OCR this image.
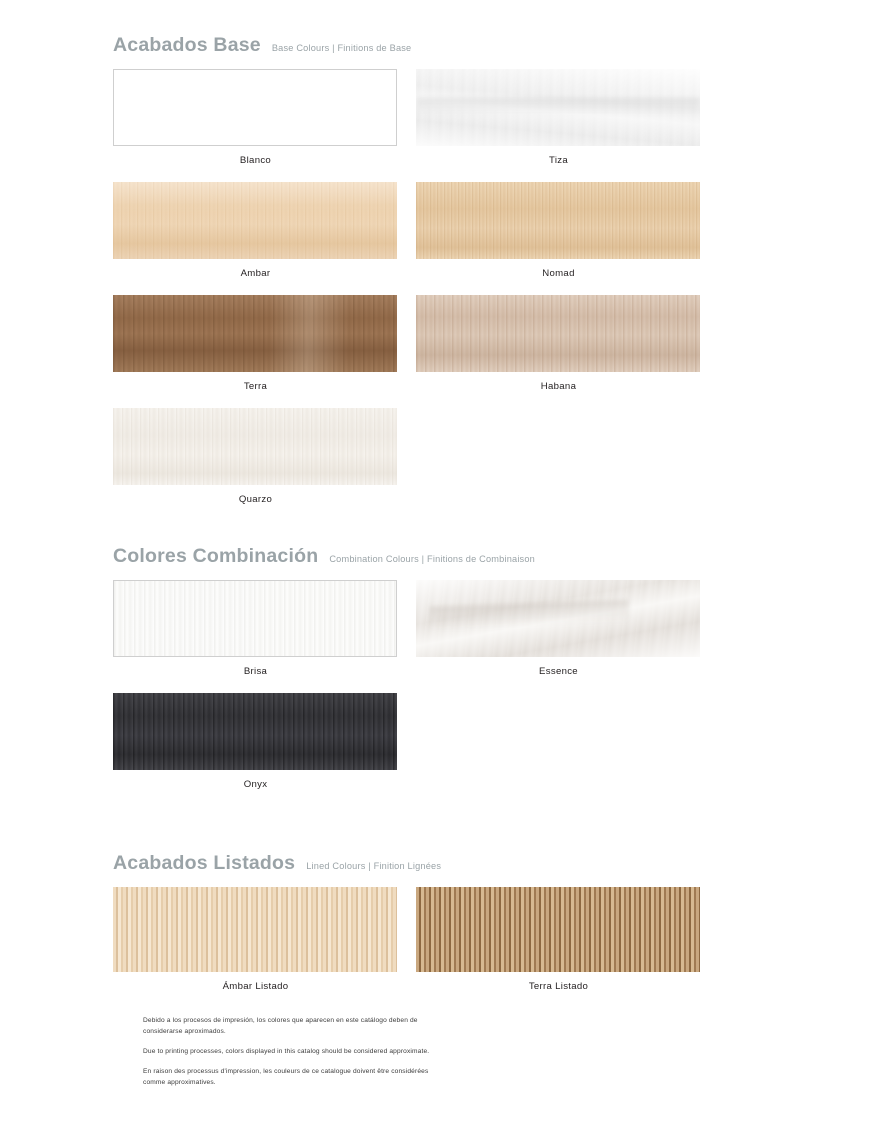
Acabados Base Base Colours | Finitions de Base
Blanco	Tiza
Ambar	Nomad
Terra	Habana
Quarzo
Colores Combinación Combination Colours | Finitions de Combinaison
Brisa	Essence
Onyx
Acabados Listados Lined Colours | Finition Lignées
Ámbar Listado	Terra Listado

Debido a los procesos de impresión, los colores que aparecen en este catálogo deben de considerarse aproximados.

Due to printing processes, colors displayed in this catalog should be considered approximate.

En raison des processus d'impression, les couleurs de ce catalogue doivent être considérées comme approximatives.
